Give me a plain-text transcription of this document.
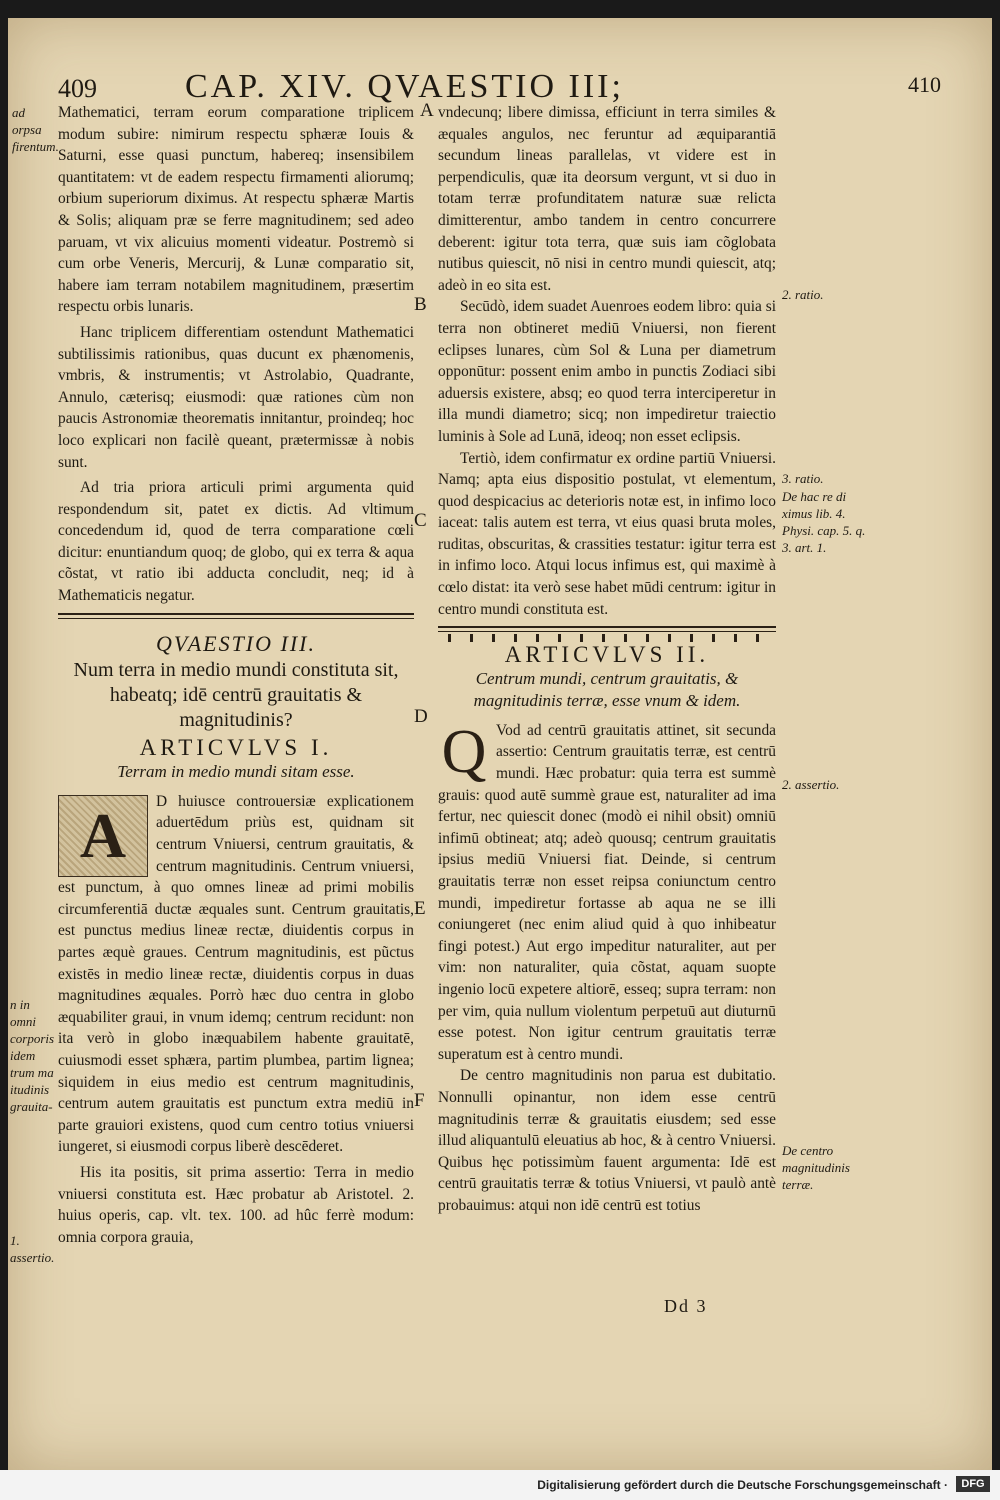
409	CAP. XIV. QVAESTIO III;	410

Mathematici, terram eorum comparatione triplicem modum subire: nimirum respectu sphæræ Iouis & Saturni, esse quasi punctum, habereq; insensibilem quantitatem: vt de eadem respectu firmamenti aliorumq; orbium superiorum diximus. At respectu sphæræ Martis & Solis; aliquam præ se ferre magnitudinem; sed adeo paruam, vt vix alicuius momenti videatur. Postremò si cum orbe Veneris, Mercurij, & Lunæ comparatio sit, habere iam terram notabilem magnitudinem, præsertim respectu orbis lunaris.

Hanc triplicem differentiam ostendunt Mathematici subtilissimis rationibus, quas ducunt ex phænomenis, vmbris, & instrumentis; vt Astrolabio, Quadrante, Annulo, cæterisq; eiusmodi: quæ rationes cùm non paucis Astronomiæ theorematis innitantur, proindeq; hoc loco explicari non facilè queant, prætermissæ à nobis sunt.

Ad tria priora articuli primi argumenta quid respondendum sit, patet ex dictis. Ad vltimum concedendum id, quod de terra comparatione cœli dicitur: enuntiandum quoq; de globo, qui ex terra & aqua cõstat, vt ratio ibi adducta concludit, neq; id à Mathematicis negatur.

QVAESTIO III.
Num terra in medio mundi constituta sit, habeatq; idē centrū grauitatis & magnitudinis?
ARTICVLVS I.
Terram in medio mundi sitam esse.
A	D huiusce controuersiæ explicationem aduertēdum priùs est, quidnam sit centrum Vniuersi, centrum grauitatis, & centrum magnitudinis. Centrum vniuersi, est punctum, à quo omnes lineæ ad primi mobilis circumferentiā ductæ æquales sunt. Centrum grauitatis, est punctus medius lineæ rectæ, diuidentis corpus in partes æquè graues. Centrum magnitudinis, est pũctus existēs in medio lineæ rectæ, diuidentis corpus in duas magnitudines æquales. Porrò hæc duo centra in globo æquabiliter graui, in vnum idemq; centrum recidunt: non ita verò in globo inæquabilem habente grauitatē, cuiusmodi esset sphæra, partim plumbea, partim lignea; siquidem in eius medio est centrum magnitudinis, centrum autem grauitatis est punctum extra mediū in parte grauiori existens, quod cum centro totius vniuersi iungeret, si eiusmodi corpus liberè descēderet.

His ita positis, sit prima assertio: Terra in medio vniuersi constituta est. Hæc probatur ab Aristotel. 2. huius operis, cap. vlt. tex. 100. ad hûc ferrè modum: omnia corpora grauia,

vndecunq; libere dimissa, efficiunt in terra similes & æquales angulos, nec feruntur ad æquiparantiā secundum lineas parallelas, vt videre est in perpendiculis, quæ ita deorsum vergunt, vt si duo in totam terræ profunditatem naturæ suæ relicta dimitterentur, ambo tandem in centro concurrere deberent: igitur tota terra, quæ suis iam cõglobata nutibus quiescit, nō nisi in centro mundi quiescit, atq; adeò in eo sita est.

Secūdò, idem suadet Auenroes eodem libro: quia si terra non obtineret mediū Vniuersi, non fierent eclipses lunares, cùm Sol & Luna per diametrum opponūtur: possent enim ambo in punctis Zodiaci sibi aduersis existere, absq; eo quod terra interciperetur in illa mundi diametro; sicq; non impediretur traiectio luminis à Sole ad Lunā, ideoq; non esset eclipsis.

Tertiò, idem confirmatur ex ordine partiū Vniuersi. Namq; apta eius dispositio postulat, vt elementum, quod despicacius ac deterioris notæ est, in infimo loco iaceat: talis autem est terra, vt eius quasi bruta moles, ruditas, obscuritas, & crassities testatur: igitur terra est in infimo loco. Atqui locus infimus est, qui maximè à cœlo distat: ita verò sese habet mūdi centrum: igitur in centro mundi constituta est.

ARTICVLVS II.
Centrum mundi, centrum grauitatis, & magnitudinis terræ, esse vnum & idem.
Q Vod ad centrū grauitatis attinet, sit secunda assertio: Centrum grauitatis terræ, est centrū mundi. Hæc probatur: quia terra est summè grauis: quod autē summè graue est, naturaliter ad ima fertur, nec quiescit donec (modò ei nihil obsit) omniū infimū obtineat; atq; adeò quousq; centrum grauitatis ipsius mediū Vniuersi fiat. Deinde, si centrum grauitatis terræ non esset reipsa coniunctum centro mundi, impediretur fortasse ab aqua ne se illi coniungeret (nec enim aliud quid à quo inhibeatur fingi potest.) Aut ergo impeditur naturaliter, aut per vim: non naturaliter, quia cõstat, aquam suopte ingenio locū expetere altiorē, esseq; supra terram: non per vim, quia nullum violentum perpetuū aut diuturnū esse potest. Non igitur centrum grauitatis terræ superatum est à centro mundi.

De centro magnitudinis non parua est dubitatio. Nonnulli opinantur, non idem esse centrū magnitudinis terræ & grauitatis eiusdem; sed esse illud aliquantulū eleuatius ab hoc, & à centro Vniuersi. Quibus hęc potissimùm fauent argumenta: Idē est centrū grauitatis terræ & totius Vniuersi, vt paulò antè probauimus: atqui non idē centrū est totius

A
B
C
D
E
F
ad orpsa firentum.
n in omni corporis idem trum ma itudinis grauita-
1. assertio.
2. ratio.
3. ratio.
De hac re di ximus lib. 4. Physi. cap. 5. q. 3. art. 1.
2. assertio.
De centro magnitudinis terræ.
Dd 3
Digitalisierung gefördert durch die Deutsche Forschungsgemeinschaft ·	DFG
